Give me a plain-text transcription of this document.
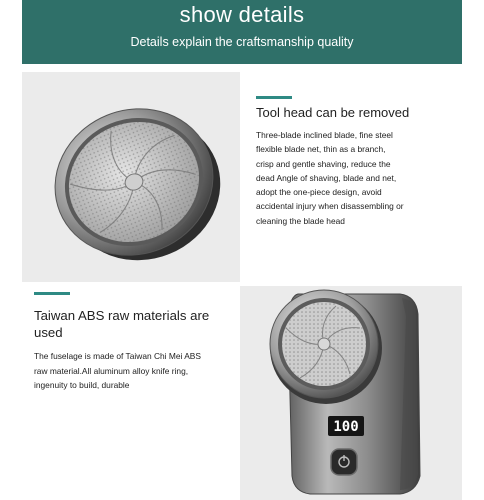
show details
Details explain the craftsmanship quality
Tool head can be removed
Three-blade inclined blade, fine steel
flexible blade net, thin as a branch,
crisp and gentle shaving, reduce the
dead Angle of shaving, blade and net,
adopt the one-piece design, avoid
accidental injury when disassembling or
cleaning the blade head
Taiwan ABS raw materials are
used
The fuselage is made of Taiwan Chi Mei ABS
raw material.All aluminum alloy knife ring,
ingenuity to build, durable
100
